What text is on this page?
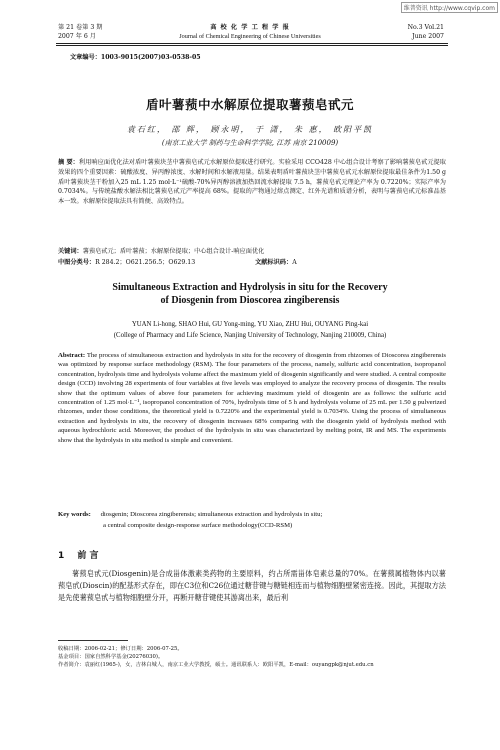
维普资讯 http://www.cqvip.com
第 21 卷第 3 期	高 校 化 学 工 程 学 报	No.3 Vol.21
2007 年 6 月	Journal of Chemical Engineering of Chinese Universities	June 2007
文章编号：1003-9015(2007)03-0538-05
盾叶薯蓣中水解原位提取薯蓣皂甙元
袁石红， 邵 辉， 顾永明， 于 潇， 朱 惠， 欧阳平凯
(南京工业大学 制药与生命科学学院, 江苏 南京 210009)
摘 要：利用响应面优化法对盾叶薯蓣块茎中薯蓣皂甙元水解原位提取进行研究。实验采用 CCO428 中心组合设计考察了影响薯蓣皂甙元提取效果的四个重要因素：硫酸浓度、异丙醇浓度、水解时间和水解液用量。结果表明盾叶薯蓣块茎中薯蓣皂甙元水解原位提取最佳条件为1.50 g盾叶薯蓣块茎干粉加入25 mL 1.25 mol·L⁻¹硫酸-70%异丙醇溶液加热回流水解提取 7.5 h，薯蓣皂甙元理论产率为 0.7220%；实际产率为 0.7034%。与传统盐酸水解法相比薯蓣皂甙元产率提高 68%。提取的产物通过熔点测定、红外光谱和质谱分析，表明与薯蓣皂甙元标准品基本一致。水解原位提取法具有简便、高效特点。
关键词：薯蓣皂甙元；盾叶薯蓣；水解原位提取；中心组合设计-响应面优化
中图分类号：R 284.2；O621.256.5；O629.13	文献标识码：A
Simultaneous Extraction and Hydrolysis in situ for the Recovery
of Diosgenin from Dioscorea zingiberensis
YUAN Li-hong, SHAO Hui, GU Yong-ming, YU Xiao, ZHU Hui, OUYANG Ping-kai
(College of Pharmacy and Life Science, Nanjing University of Technology, Nanjing 210009, China)
Abstract: The process of simultaneous extraction and hydrolysis in situ for the recovery of diosgenin from rhizomes of Dioscorea zingiberensis was optimized by response surface methodology (RSM). The four parameters of the process, namely, sulfuric acid concentration, isopropanol concentration, hydrolysis time and hydrolysis volume affect the maximum yield of diosgenin significantly and were studied. A central composite design (CCD) involving 28 experiments of four variables at five levels was employed to analyze the recovery process of diosgenin. The results show that the optimum values of above four parameters for achieving maximum yield of diosgenin are as follows: the sulfuric acid concentration of 1.25 mol·L⁻¹, isopropanol concentration of 70%, hydrolysis time of 5 h and hydrolysis volume of 25 mL per 1.50 g pulverized rhizomes, under those conditions, the theoretical yield is 0.7220% and the experimental yield is 0.7034%. Using the process of simultaneous extraction and hydrolysis in situ, the recovery of diosgenin increases 68% comparing with the diosgenin yield of hydrolysis method with aqueous hydrochloric acid. Moreover, the product of the hydrolysis in situ was characterized by melting point, IR and MS. The experiments show that the hydrolysis in situ method is simple and convenient.
Key words: diosgenin; Dioscorea zingiberensis; simultaneous extraction and hydrolysis in situ;
a central composite design-response surface methodology(CCD-RSM)
1 前 言
薯蓣皂甙元(Diosgenin)是合成甾体激素类药物的主要原料，约占所需甾体皂素总量的70%。在薯蓣属植物体内以薯蓣皂甙(Dioscin)的配基形式存在，即在C3位和C26位通过糖苷键与糖链相连而与植物细胞壁紧密连接。因此，其提取方法是先使薯蓣皂甙与植物细胞壁分开，再断开糖苷键使其游离出来，最后利
收稿日期：2006-02-21；修订日期：2006-07-25。
基金项目：国家自然科学基金(20276030)。
作者简介：袁丽红(1965-)，女，吉林白城人，南京工业大学教授，硕士。通讯联系人：欧阳平凯，E-mail：ouyangpk@njut.edu.cn
